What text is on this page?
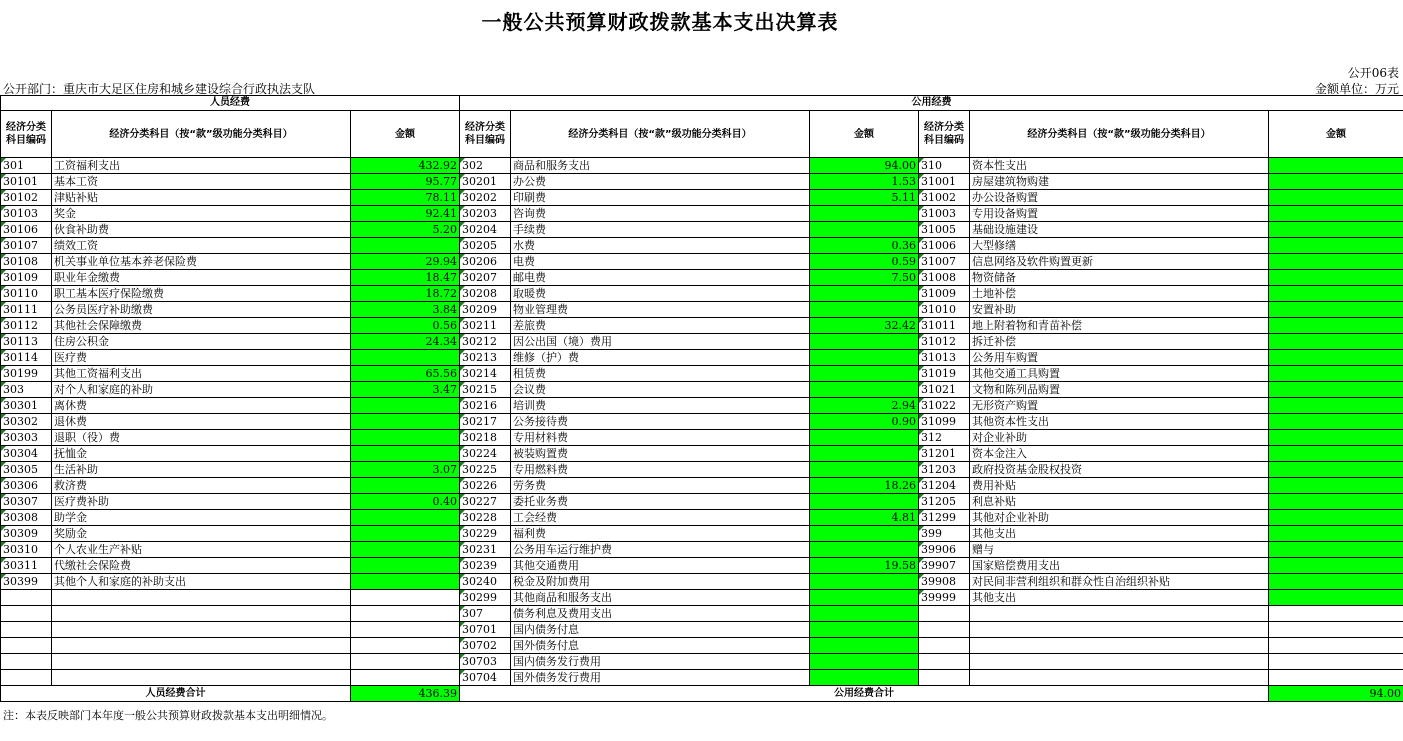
一般公共预算财政拨款基本支出决算表
公开06表
公开部门：重庆市大足区住房和城乡建设综合行政执法支队	金额单位：万元
人员经费			公用经费					
经济分类科目编码	经济分类科目（按“款”级功能分类科目）	金额	经济分类科目编码	经济分类科目（按“款”级功能分类科目）	金额	经济分类科目编码	经济分类科目（按“款”级功能分类科目）	金额
301	工资福利支出	432.92	302	商品和服务支出	94.00	310	资本性支出	
30101	基本工资	95.77	30201	办公费	1.53	31001	房屋建筑物购建	
30102	津贴补贴	78.11	30202	印刷费	5.11	31002	办公设备购置	
30103	奖金	92.41	30203	咨询费		31003	专用设备购置	
30106	伙食补助费	5.20	30204	手续费		31005	基础设施建设	
30107	绩效工资		30205	水费	0.36	31006	大型修缮	
30108	机关事业单位基本养老保险费	29.94	30206	电费	0.59	31007	信息网络及软件购置更新	
30109	职业年金缴费	18.47	30207	邮电费	7.50	31008	物资储备	
30110	职工基本医疗保险缴费	18.72	30208	取暖费		31009	土地补偿	
30111	公务员医疗补助缴费	3.84	30209	物业管理费		31010	安置补助	
30112	其他社会保障缴费	0.56	30211	差旅费	32.42	31011	地上附着物和青苗补偿	
30113	住房公积金	24.34	30212	因公出国（境）费用		31012	拆迁补偿	
30114	医疗费		30213	维修（护）费		31013	公务用车购置	
30199	其他工资福利支出	65.56	30214	租赁费		31019	其他交通工具购置	
303	对个人和家庭的补助	3.47	30215	会议费		31021	文物和陈列品购置	
30301	离休费		30216	培训费	2.94	31022	无形资产购置	
30302	退休费		30217	公务接待费	0.90	31099	其他资本性支出	
30303	退职（役）费		30218	专用材料费		312	对企业补助	
30304	抚恤金		30224	被装购置费		31201	资本金注入	
30305	生活补助	3.07	30225	专用燃料费		31203	政府投资基金股权投资	
30306	救济费		30226	劳务费	18.26	31204	费用补贴	
30307	医疗费补助	0.40	30227	委托业务费		31205	利息补贴	
30308	助学金		30228	工会经费	4.81	31299	其他对企业补助	
30309	奖励金		30229	福利费		399	其他支出	
30310	个人农业生产补贴		30231	公务用车运行维护费		39906	赠与	
30311	代缴社会保险费		30239	其他交通费用	19.58	39907	国家赔偿费用支出	
30399	其他个人和家庭的补助支出		30240	税金及附加费用		39908	对民间非营利组织和群众性自治组织补贴	
			30299	其他商品和服务支出		39999	其他支出	
			307	债务利息及费用支出				
			30701	国内债务付息				
			30702	国外债务付息				
			30703	国内债务发行费用				
			30704	国外债务发行费用				
人员经费合计		436.39	公用经费合计					94.00
注：本表反映部门本年度一般公共预算财政拨款基本支出明细情况。
